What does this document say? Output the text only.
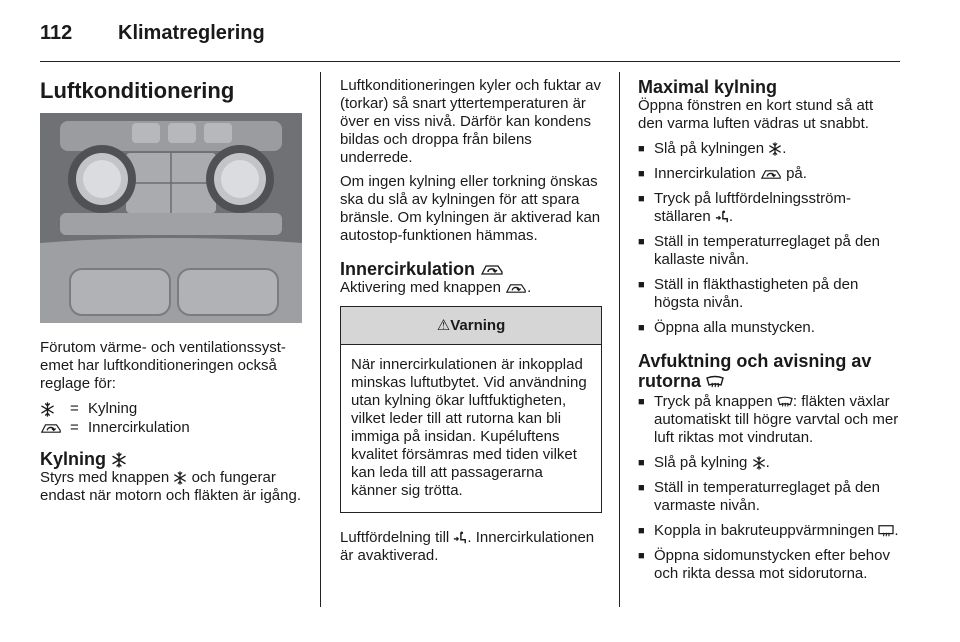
112	Klimatreglering
Luftkonditionering

Förutom värme- och ventilationssystemet har luftkonditioneringen också reglage för:

= Kylning
= Innercirkulation
Kylning

Styrs med knappen och fungerar endast när motorn och fläkten är igång.

Luftkonditioneringen kyler och fuktar av (torkar) så snart yttertemperaturen är över en viss nivå. Därför kan kondens bildas och droppa från bilens underrede.

Om ingen kylning eller torkning önskas ska du slå av kylningen för att spara bränsle. Om kylningen är aktiverad kan autostop-funktionen hämmas.

Innercirkulation

Aktivering med knappen .

⚠Varning
När innercirkulationen är inkopplad minskas luftutbytet. Vid användning utan kylning ökar luftfuktigheten, vilket leder till att rutorna kan bli immiga på insidan. Kupéluftens kvalitet försämras med tiden vilket kan leda till att passagerarna känner sig trötta.

Luftfördelning till . Innercirkulationen är avaktiverad.

Maximal kylning

Öppna fönstren en kort stund så att den varma luften vädras ut snabbt.

■ Slå på kylningen .
■ Innercirkulation på.
■ Tryck på luftfördelningsströmställaren .
■ Ställ in temperaturreglaget på den kallaste nivån.
■ Ställ in fläkthastigheten på den högsta nivån.
■ Öppna alla munstycken.
Avfuktning och avisning av
rutorna
■ Tryck på knappen : fläkten växlar automatiskt till högre varvtal och mer luft riktas mot vindrutan.
■ Slå på kylning .
■ Ställ in temperaturreglaget på den varmaste nivån.
■ Koppla in bakruteuppvärmningen .
■ Öppna sidomunstycken efter behov och rikta dessa mot sidorutorna.
